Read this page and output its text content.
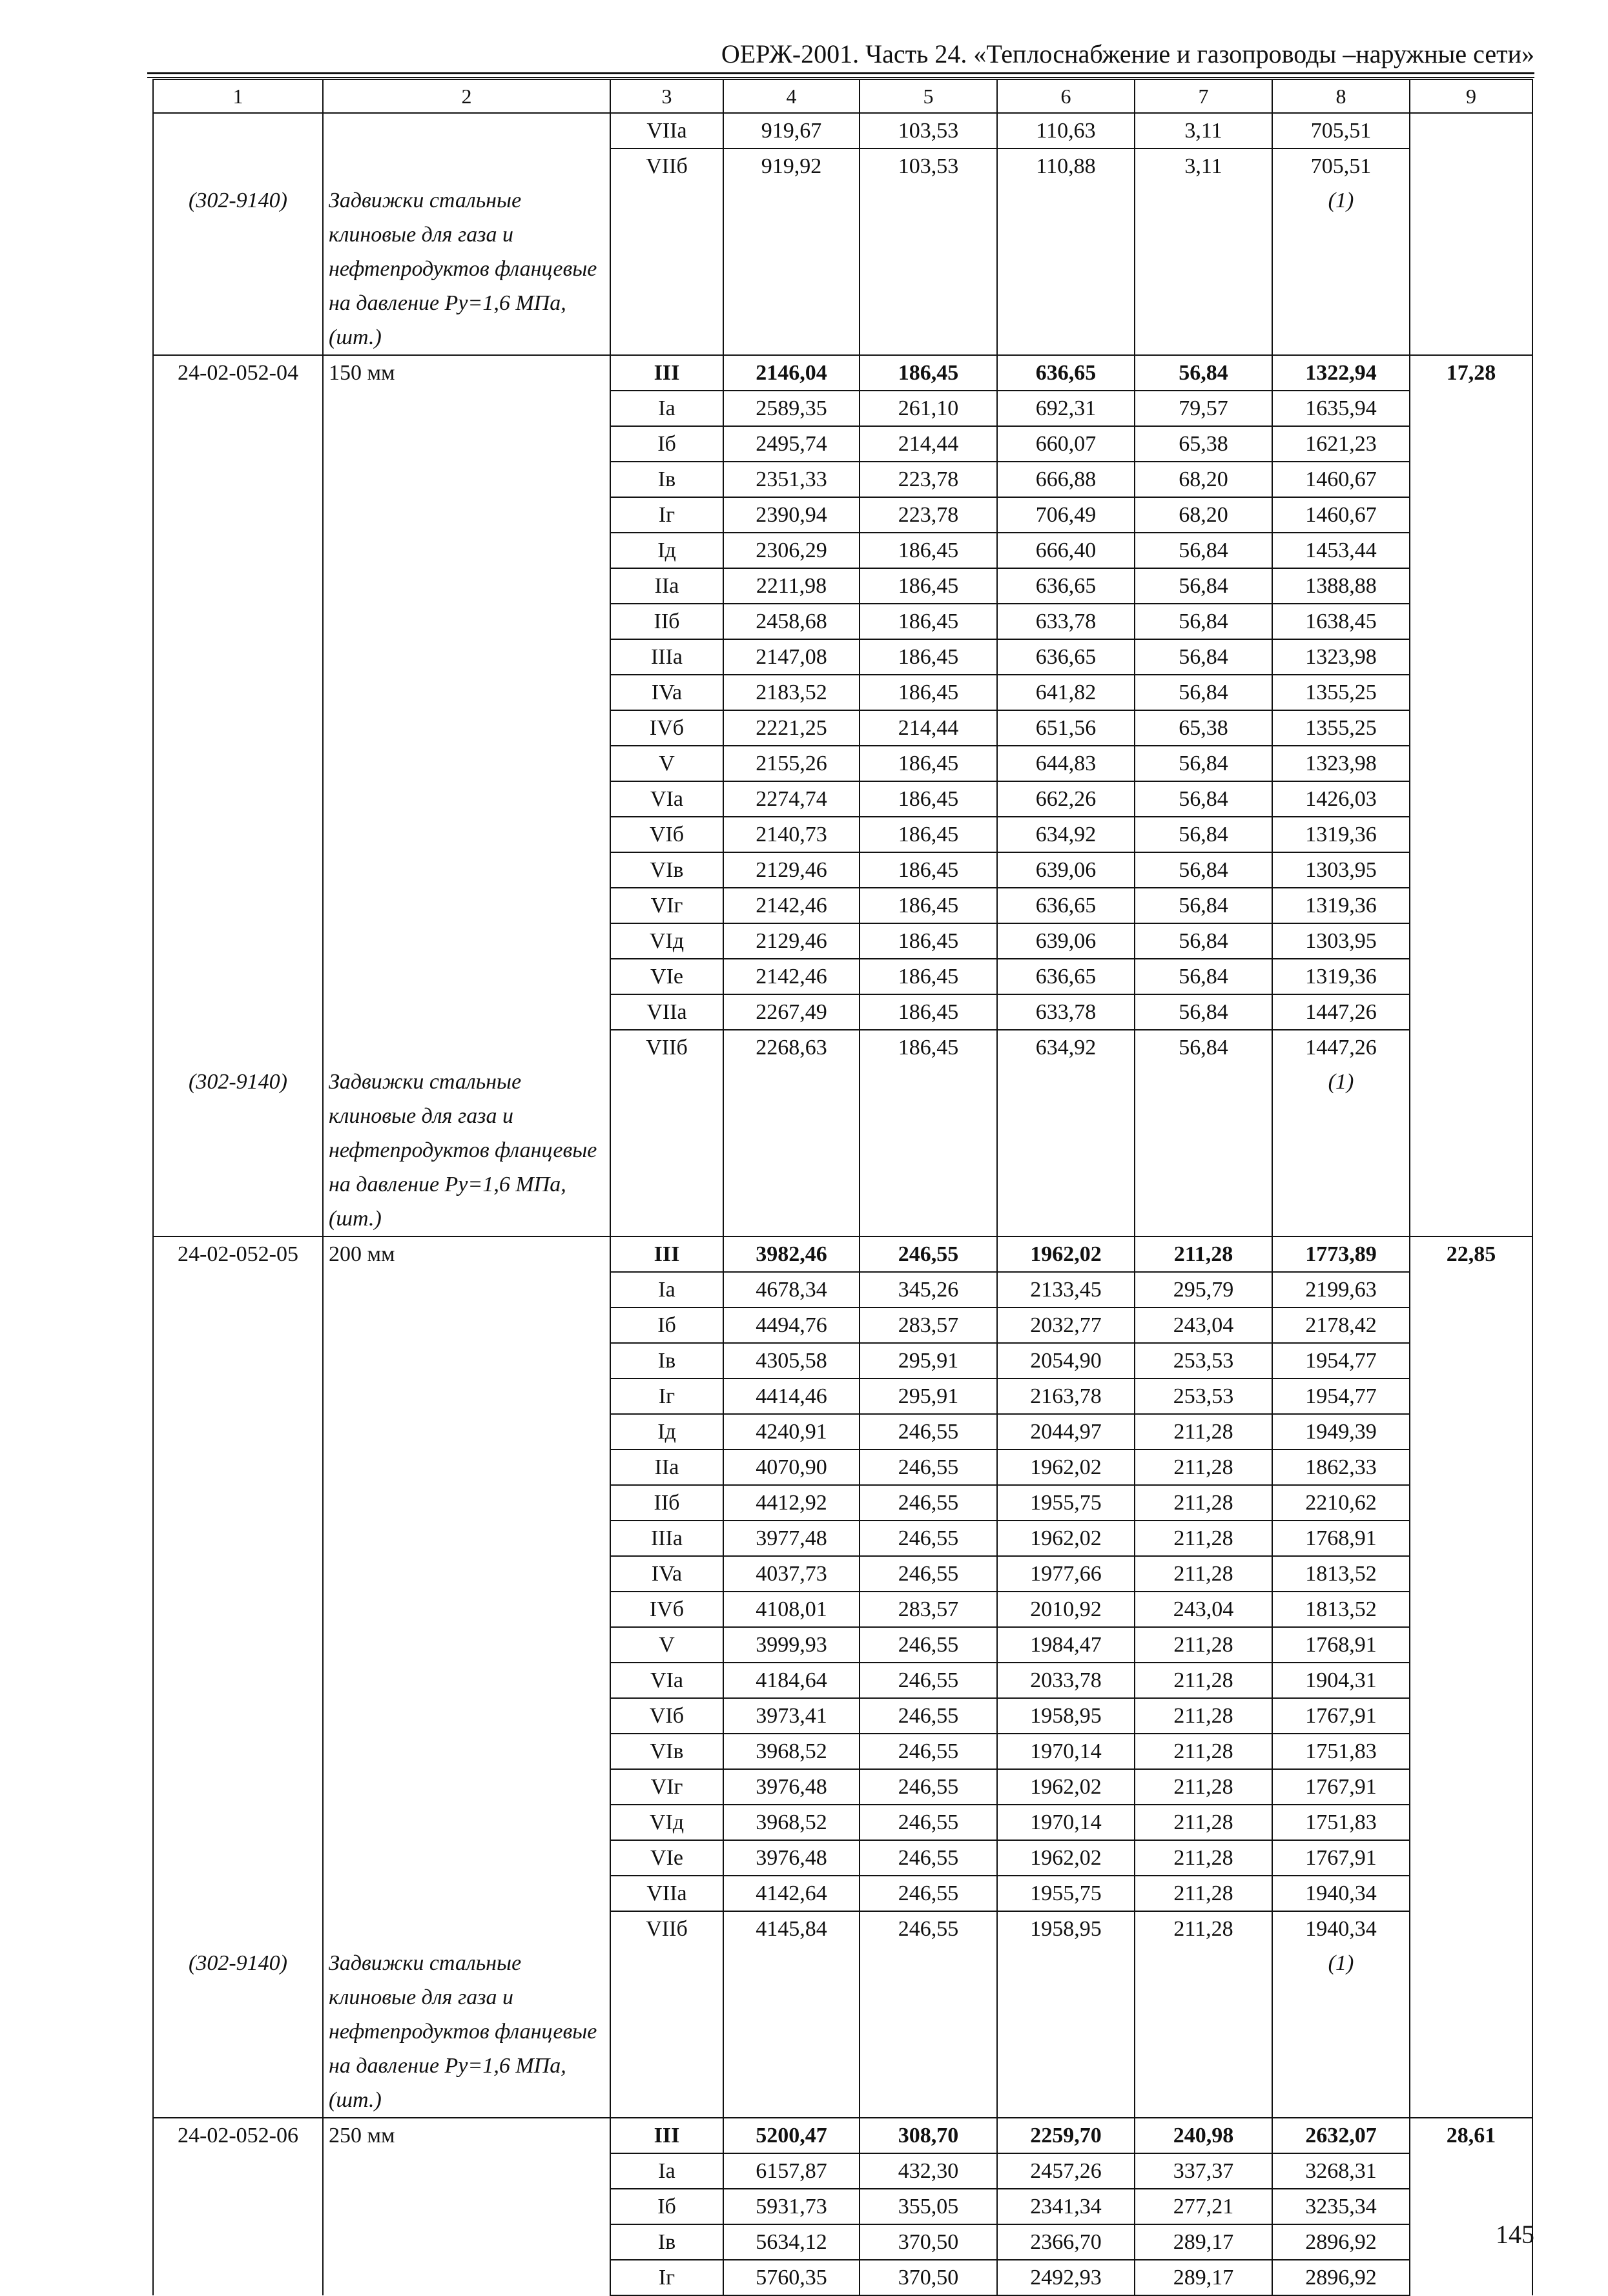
ОЕРЖ-2001. Часть 24. «Теплоснабжение и газопроводы –наружные сети»
1	2	3	4	5	6	7	8	9
		VIIa	919,67	103,53	110,63	3,11	705,51	
		VIIб	919,92	103,53	110,88	3,11	705,51	
(302-9140)	Задвижки стальные клиновые для газа и нефтепродуктов фланцевые на давление Ру=1,6 МПа, (шт.)						(1)	
24-02-052-04	150 мм	III	2146,04	186,45	636,65	56,84	1322,94	17,28
		Ia	2589,35	261,10	692,31	79,57	1635,94	
		Iб	2495,74	214,44	660,07	65,38	1621,23	
		Iв	2351,33	223,78	666,88	68,20	1460,67	
		Iг	2390,94	223,78	706,49	68,20	1460,67	
		Iд	2306,29	186,45	666,40	56,84	1453,44	
		IIa	2211,98	186,45	636,65	56,84	1388,88	
		IIб	2458,68	186,45	633,78	56,84	1638,45	
		IIIa	2147,08	186,45	636,65	56,84	1323,98	
		IVa	2183,52	186,45	641,82	56,84	1355,25	
		IVб	2221,25	214,44	651,56	65,38	1355,25	
		V	2155,26	186,45	644,83	56,84	1323,98	
		VIa	2274,74	186,45	662,26	56,84	1426,03	
		VIб	2140,73	186,45	634,92	56,84	1319,36	
		VIв	2129,46	186,45	639,06	56,84	1303,95	
		VIг	2142,46	186,45	636,65	56,84	1319,36	
		VIд	2129,46	186,45	639,06	56,84	1303,95	
		VIe	2142,46	186,45	636,65	56,84	1319,36	
		VIIa	2267,49	186,45	633,78	56,84	1447,26	
		VIIб	2268,63	186,45	634,92	56,84	1447,26	
(302-9140)	Задвижки стальные клиновые для газа и нефтепродуктов фланцевые на давление Ру=1,6 МПа, (шт.)						(1)	
24-02-052-05	200 мм	III	3982,46	246,55	1962,02	211,28	1773,89	22,85
		Ia	4678,34	345,26	2133,45	295,79	2199,63	
		Iб	4494,76	283,57	2032,77	243,04	2178,42	
		Iв	4305,58	295,91	2054,90	253,53	1954,77	
		Iг	4414,46	295,91	2163,78	253,53	1954,77	
		Iд	4240,91	246,55	2044,97	211,28	1949,39	
		IIa	4070,90	246,55	1962,02	211,28	1862,33	
		IIб	4412,92	246,55	1955,75	211,28	2210,62	
		IIIa	3977,48	246,55	1962,02	211,28	1768,91	
		IVa	4037,73	246,55	1977,66	211,28	1813,52	
		IVб	4108,01	283,57	2010,92	243,04	1813,52	
		V	3999,93	246,55	1984,47	211,28	1768,91	
		VIa	4184,64	246,55	2033,78	211,28	1904,31	
		VIб	3973,41	246,55	1958,95	211,28	1767,91	
		VIв	3968,52	246,55	1970,14	211,28	1751,83	
		VIг	3976,48	246,55	1962,02	211,28	1767,91	
		VIд	3968,52	246,55	1970,14	211,28	1751,83	
		VIe	3976,48	246,55	1962,02	211,28	1767,91	
		VIIa	4142,64	246,55	1955,75	211,28	1940,34	
		VIIб	4145,84	246,55	1958,95	211,28	1940,34	
(302-9140)	Задвижки стальные клиновые для газа и нефтепродуктов фланцевые на давление Ру=1,6 МПа, (шт.)						(1)	
24-02-052-06	250 мм	III	5200,47	308,70	2259,70	240,98	2632,07	28,61
		Ia	6157,87	432,30	2457,26	337,37	3268,31	
		Iб	5931,73	355,05	2341,34	277,21	3235,34	
		Iв	5634,12	370,50	2366,70	289,17	2896,92	
		Iг	5760,35	370,50	2492,93	289,17	2896,92	
145
